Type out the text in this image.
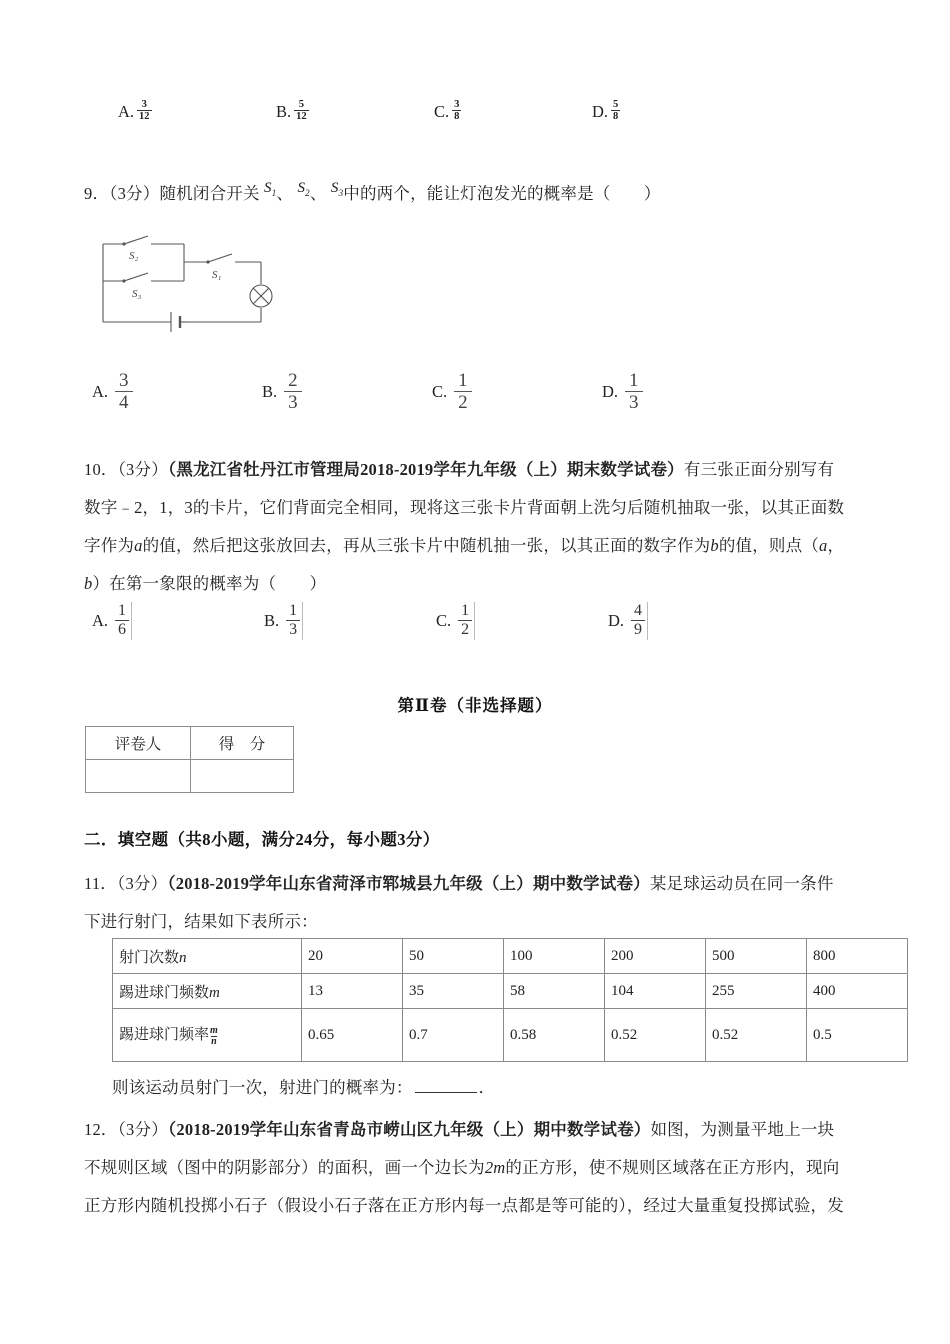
A. $\frac{3}{12}$	B. $\frac{5}{12}$	C. $\frac{3}{8}$	D. $\frac{5}{8}$
9．（3分）随机闭合开关 $S_1$、 $S_2$、 $S_3$中的两个，能让灯泡发光的概率是（　　）
S₂
S₃
S₁
A. $\frac{3}{4}$	B. $\frac{2}{3}$	C. $\frac{1}{2}$	D. $\frac{1}{3}$
10．（3分）（黑龙江省牡丹江市管理局2018-2019学年九年级（上）期末数学试卷）有三张正面分别写有
数字﹣2，1，3的卡片，它们背面完全相同，现将这三张卡片背面朝上洗匀后随机抽取一张，以其正面数
字作为a的值，然后把这张放回去，再从三张卡片中随机抽一张，以其正面的数字作为b的值，则点（a，
b）在第一象限的概率为（　　）
A. $\frac{1}{6}$	B. $\frac{1}{3}$	C. $\frac{1}{2}$	D. $\frac{4}{9}$
第Ⅱ卷（非选择题）
评卷人	得　分

二．填空题（共8小题，满分24分，每小题3分）
11．（3分）（2018-2019学年山东省菏泽市郓城县九年级（上）期中数学试卷）某足球运动员在同一条件
下进行射门，结果如下表所示：
射门次数n	20	50	100	200	500	800
踢进球门频数m	13	35	58	104	255	400
踢进球门频率 $\frac{m}{n}$	0.65	0.7	0.58	0.52	0.52	0.5
则该运动员射门一次，射进门的概率为：	．
12．（3分）（2018-2019学年山东省青岛市崂山区九年级（上）期中数学试卷）如图，为测量平地上一块
不规则区域（图中的阴影部分）的面积，画一个边长为2m的正方形，使不规则区域落在正方形内，现向
正方形内随机投掷小石子（假设小石子落在正方形内每一点都是等可能的），经过大量重复投掷试验，发
